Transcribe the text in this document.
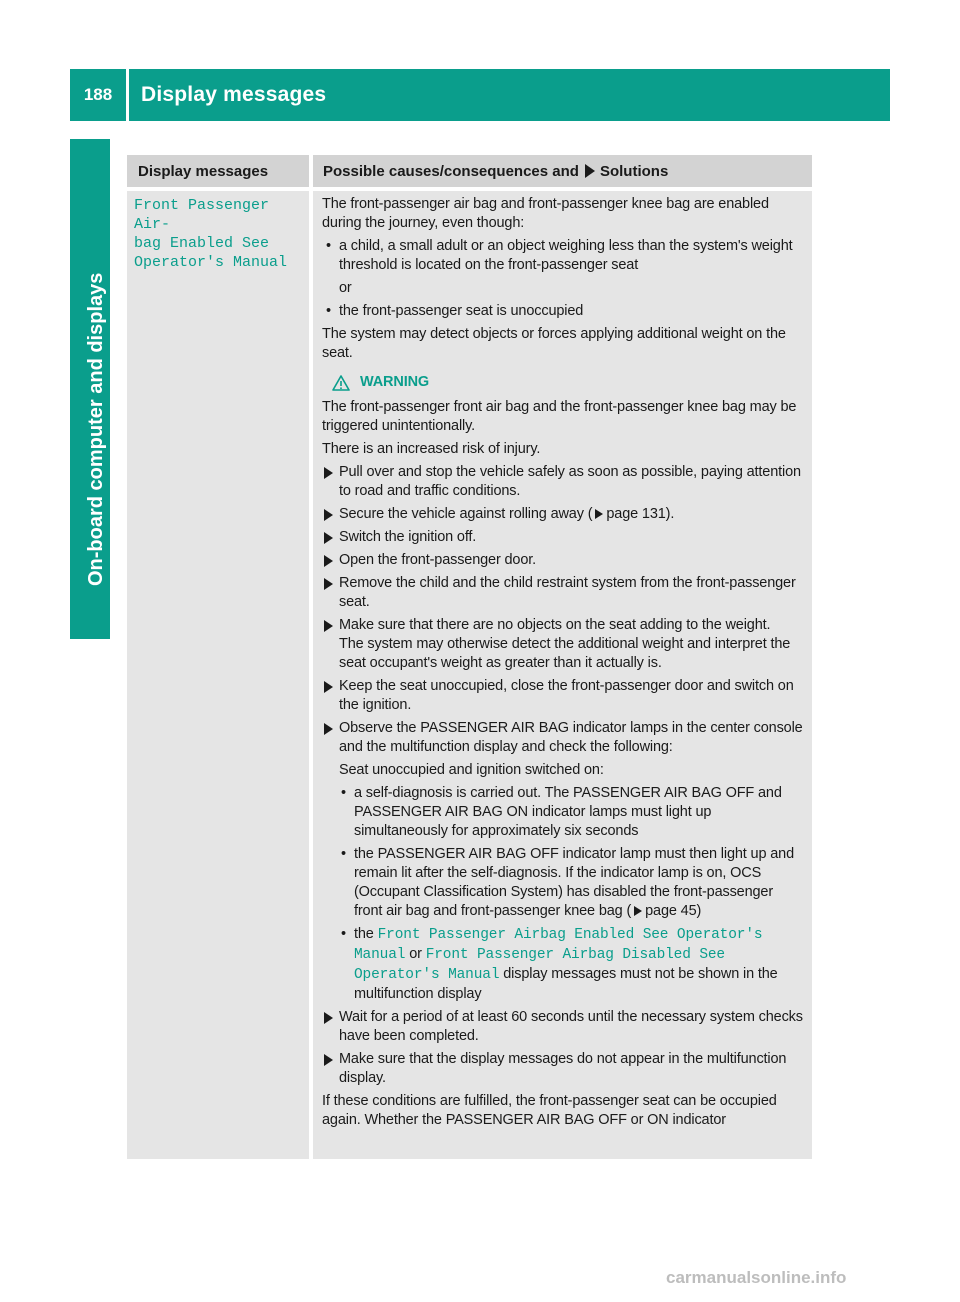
188	Display messages
On-board computer and displays
Display messages	Possible causes/consequences and Solutions
Front Passenger Air‐
bag Enabled See
Operator's Manual
The front-passenger air bag and front-passenger knee bag are enabled during the journey, even though:
• a child, a small adult or an object weighing less than the system's weight threshold is located on the front-passenger seat
or
• the front-passenger seat is unoccupied
The system may detect objects or forces applying additional weight on the seat.
WARNING
The front-passenger front air bag and the front-passenger knee bag may be triggered unintentionally.
There is an increased risk of injury.
Pull over and stop the vehicle safely as soon as possible, paying attention to road and traffic conditions.
Secure the vehicle against rolling away ( page 131).
Switch the ignition off.
Open the front-passenger door.
Remove the child and the child restraint system from the front-passenger seat.
Make sure that there are no objects on the seat adding to the weight.
The system may otherwise detect the additional weight and interpret the seat occupant's weight as greater than it actually is.
Keep the seat unoccupied, close the front-passenger door and switch on the ignition.
Observe the PASSENGER AIR BAG indicator lamps in the center console and the multifunction display and check the following:
Seat unoccupied and ignition switched on:
• a self-diagnosis is carried out. The PASSENGER AIR BAG OFF and PASSENGER AIR BAG ON indicator lamps must light up simultaneously for approximately six seconds
• the PASSENGER AIR BAG OFF indicator lamp must then light up and remain lit after the self-diagnosis. If the indicator lamp is on, OCS (Occupant Classification System) has disabled the front-passenger front air bag and front-passenger knee bag ( page 45)
• the Front Passenger Airbag Enabled See Operator's Manual or Front Passenger Airbag Disabled See Operator's Manual display messages must not be shown in the multifunction display
Wait for a period of at least 60 seconds until the necessary system checks have been completed.
Make sure that the display messages do not appear in the multifunction display.
If these conditions are fulfilled, the front-passenger seat can be occupied again. Whether the PASSENGER AIR BAG OFF or ON indicator
carmanualsonline.info
